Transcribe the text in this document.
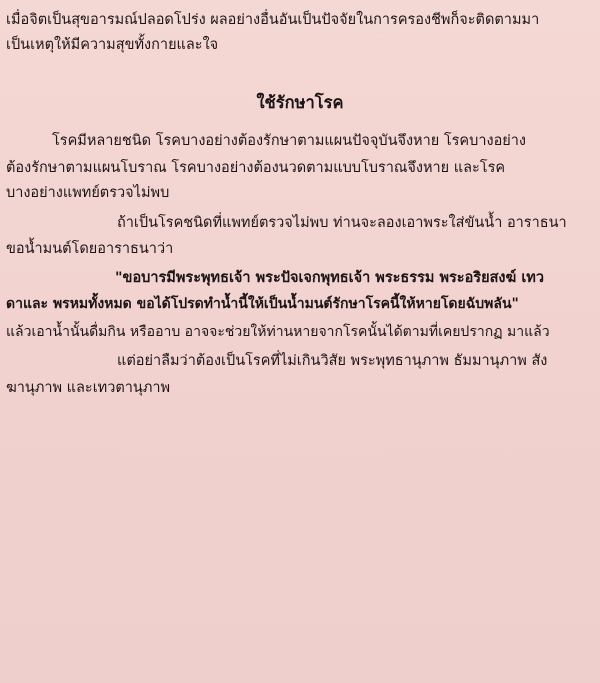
เมื่อจิตเป็นสุขอารมณ์ปลอดโปร่ง ผลอย่างอื่นอันเป็นปัจจัยในการครองชีพก็จะติดตามมา
เป็นเหตุให้มีความสุขทั้งกายและใจ
ใช้รักษาโรค
โรคมีหลายชนิด โรคบางอย่างต้องรักษาตามแผนปัจจุบันจึงหาย โรคบางอย่าง
ต้องรักษาตามแผนโบราณ โรคบางอย่างต้องนวดตามแบบโบราณจึงหาย และโรค
บางอย่างแพทย์ตรวจไม่พบ
ถ้าเป็นโรคชนิดที่แพทย์ตรวจไม่พบ ท่านจะลองเอาพระใส่ขันน้ำ อาราธนา
ขอน้ำมนต์โดยอาราธนาว่า
"ขอบารมีพระพุทธเจ้า พระปัจเจกพุทธเจ้า พระธรรม พระอริยสงฆ์ เทว
ดาและ พรหมทั้งหมด ขอได้โปรดทำน้ำนี้ให้เป็นน้ำมนต์รักษาโรคนี้ให้หายโดยฉับพลัน"
แล้วเอาน้ำนั้นดื่มกิน หรืออาบ อาจจะช่วยให้ท่านหายจากโรคนั้นได้ตามที่เคยปรากฏ มาแล้ว
แต่อย่าลืมว่าต้องเป็นโรคที่ไม่เกินวิสัย พระพุทธานุภาพ ธัมมานุภาพ สัง
ฆานุภาพ และเทวตานุภาพ
